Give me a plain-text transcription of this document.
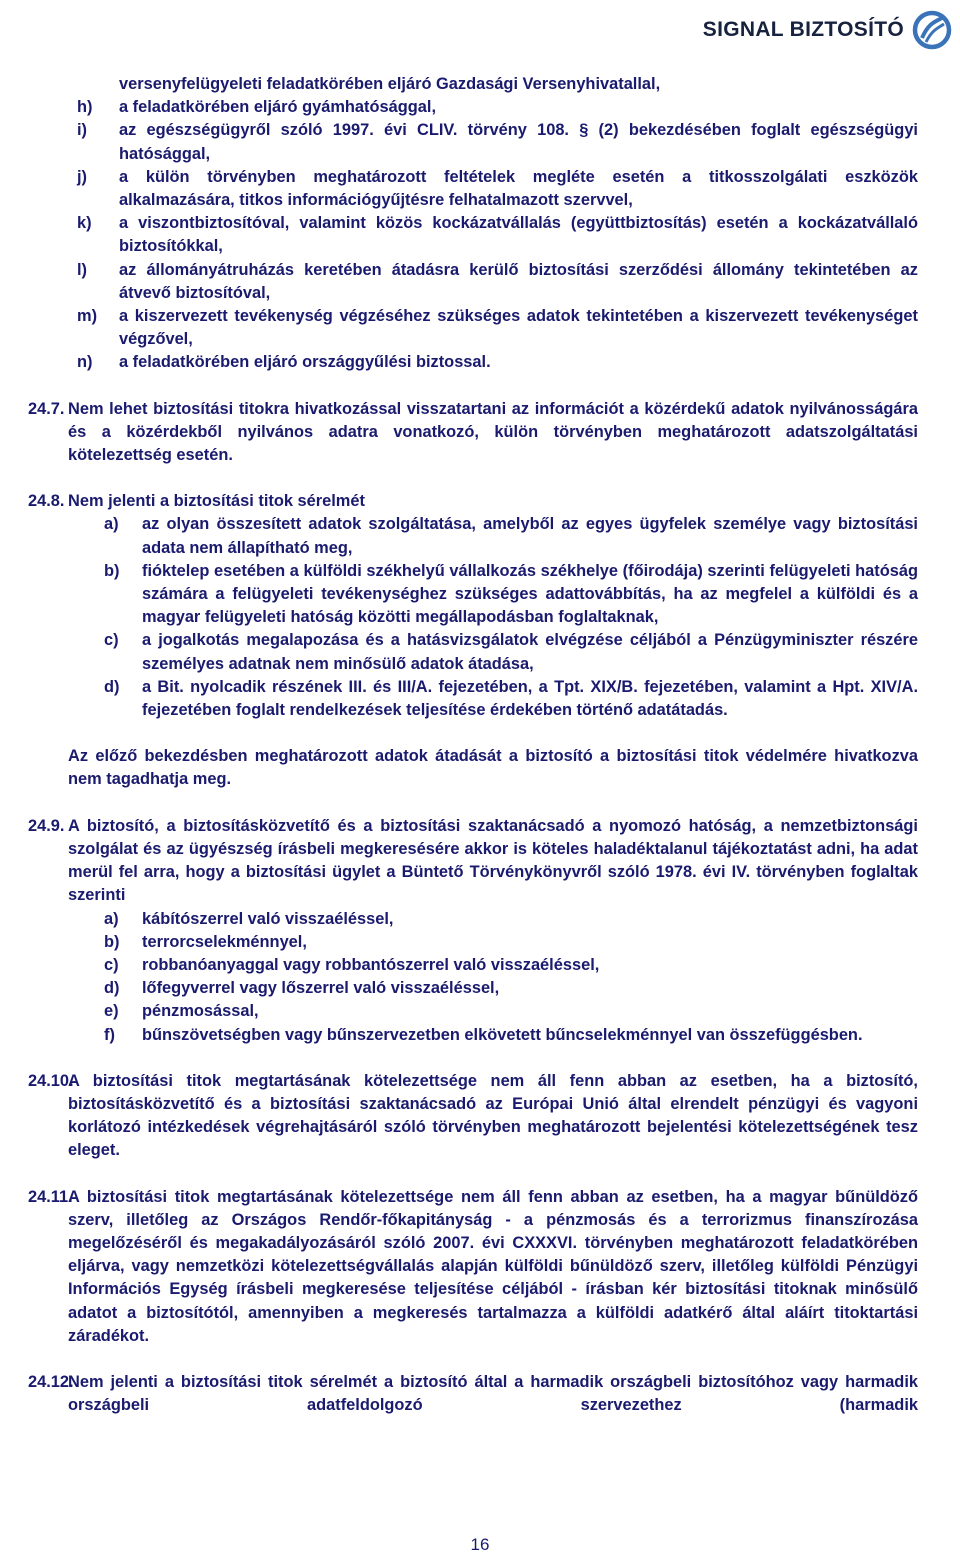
SIGNAL BIZTOSÍTÓ
versenyfelügyeleti feladatkörében eljáró Gazdasági Versenyhivatallal,
h)	a feladatkörében eljáró gyámhatósággal,
i)	az egészségügyről szóló 1997. évi CLIV. törvény 108. § (2) bekezdésében foglalt egészségügyi hatósággal,
j)	a külön törvényben meghatározott feltételek megléte esetén a titkosszolgálati eszközök alkalmazására, titkos információgyűjtésre felhatalmazott szervvel,
k)	a viszontbiztosítóval, valamint közös kockázatvállalás (együttbiztosítás) esetén a kockázatvállaló biztosítókkal,
l)	az állományátruházás keretében átadásra kerülő biztosítási szerződési állomány tekintetében az átvevő biztosítóval,
m)	a kiszervezett tevékenység végzéséhez szükséges adatok tekintetében a kiszervezett tevékenységet végzővel,
n)	a feladatkörében eljáró országgyűlési biztossal.
24.7. Nem lehet biztosítási titokra hivatkozással visszatartani az információt a közérdekű adatok nyilvánosságára és a közérdekből nyilvános adatra vonatkozó, külön törvényben meghatározott adatszolgáltatási kötelezettség esetén.
24.8. Nem jelenti a biztosítási titok sérelmét
a)	az olyan összesített adatok szolgáltatása, amelyből az egyes ügyfelek személye vagy biztosítási adata nem állapítható meg,
b)	fióktelep esetében a külföldi székhelyű vállalkozás székhelye (főirodája) szerinti felügyeleti hatóság számára a felügyeleti tevékenységhez szükséges adattovábbítás, ha az megfelel a külföldi és a magyar felügyeleti hatóság közötti megállapodásban foglaltaknak,
c)	a jogalkotás megalapozása és a hatásvizsgálatok elvégzése céljából a Pénzügyminiszter részére személyes adatnak nem minősülő adatok átadása,
d)	a Bit. nyolcadik részének III. és III/A. fejezetében, a Tpt. XIX/B. fejezetében, valamint a Hpt. XIV/A. fejezetében foglalt rendelkezések teljesítése érdekében történő adatátadás.
Az előző bekezdésben meghatározott adatok átadását a biztosító a biztosítási titok védelmére hivatkozva nem tagadhatja meg.
24.9. A biztosító, a biztosításközvetítő és a biztosítási szaktanácsadó a nyomozó hatóság, a nemzetbiztonsági szolgálat és az ügyészség írásbeli megkeresésére akkor is köteles haladéktalanul tájékoztatást adni, ha adat merül fel arra, hogy a biztosítási ügylet a Büntető Törvénykönyvről szóló 1978. évi IV. törvényben foglaltak szerinti
a)	kábítószerrel való visszaéléssel,
b)	terrorcselekménnyel,
c)	robbanóanyaggal vagy robbantószerrel való visszaéléssel,
d)	lőfegyverrel vagy lőszerrel való visszaéléssel,
e)	pénzmosással,
f)	bűnszövetségben vagy bűnszervezetben elkövetett bűncselekménnyel van összefüggésben.
24.10.
A biztosítási titok megtartásának kötelezettsége nem áll fenn abban az esetben, ha a biztosító, biztosításközvetítő és a biztosítási szaktanácsadó az Európai Unió által elrendelt pénzügyi és vagyoni korlátozó intézkedések végrehajtásáról szóló törvényben meghatározott bejelentési kötelezettségének tesz eleget.
24.11.
A biztosítási titok megtartásának kötelezettsége nem áll fenn abban az esetben, ha a magyar bűnüldöző szerv, illetőleg az Országos Rendőr-főkapitányság - a pénzmosás és a terrorizmus finanszírozása megelőzéséről és megakadályozásáról szóló 2007. évi CXXXVI. törvényben meghatározott feladatkörében eljárva, vagy nemzetközi kötelezettségvállalás alapján külföldi bűnüldöző szerv, illetőleg külföldi Pénzügyi Információs Egység írásbeli megkeresése teljesítése céljából - írásban kér biztosítási titoknak minősülő adatot a biztosítótól, amennyiben a megkeresés tartalmazza a külföldi adatkérő által aláírt titoktartási záradékot.
24.12.
Nem jelenti a biztosítási titok sérelmét a biztosító által a harmadik országbeli biztosítóhoz vagy harmadik országbeli adatfeldolgozó szervezethez (harmadik
16
